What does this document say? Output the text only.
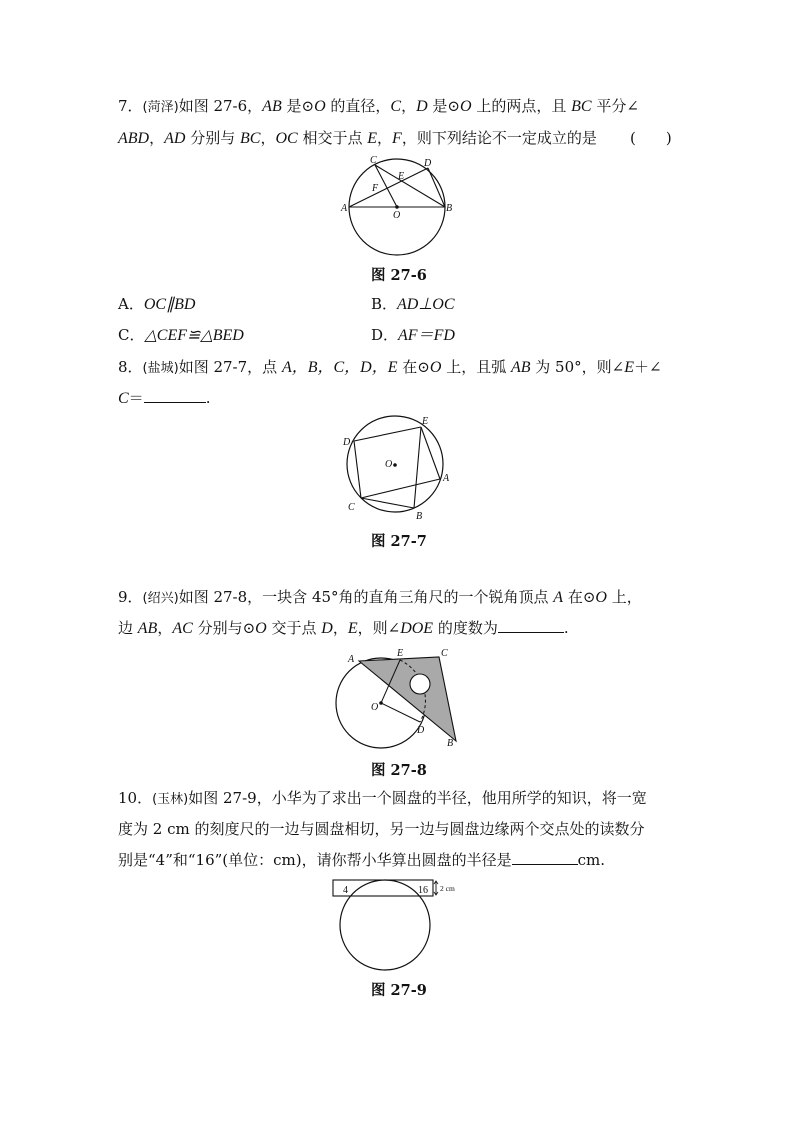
7．(菏泽)如图 27-6，AB 是⊙O 的直径，C，D 是⊙O 上的两点，且 BC 平分∠
ABD，AD 分别与 BC，OC 相交于点 E，F，则下列结论不一定成立的是 (　　)
C	D
E
F
A	B
O
图 27-6
A．OC∥BD	B．AD⊥OC
C．△CEF≌△BED	D．AF＝FD
8．(盐城)如图 27-7，点 A，B，C，D，E 在⊙O 上，且弧 AB 为 50°，则∠E＋∠
C＝	.
D
E
O
A
C
B
图 27-7
9．(绍兴)如图 27-8，一块含 45°角的直角三角尺的一个锐角顶点 A 在⊙O 上，
边 AB，AC 分别与⊙O 交于点 D，E，则∠DOE 的度数为	.
A
E	C
O
D
B
图 27-8
10．(玉林)如图 27-9，小华为了求出一个圆盘的半径，他用所学的知识，将一宽
度为 2 cm 的刻度尺的一边与圆盘相切，另一边与圆盘边缘两个交点处的读数分
别是“4”和“16”(单位：cm)，请你帮小华算出圆盘的半径是	cm.
4	16 2 cm
图 27-9
